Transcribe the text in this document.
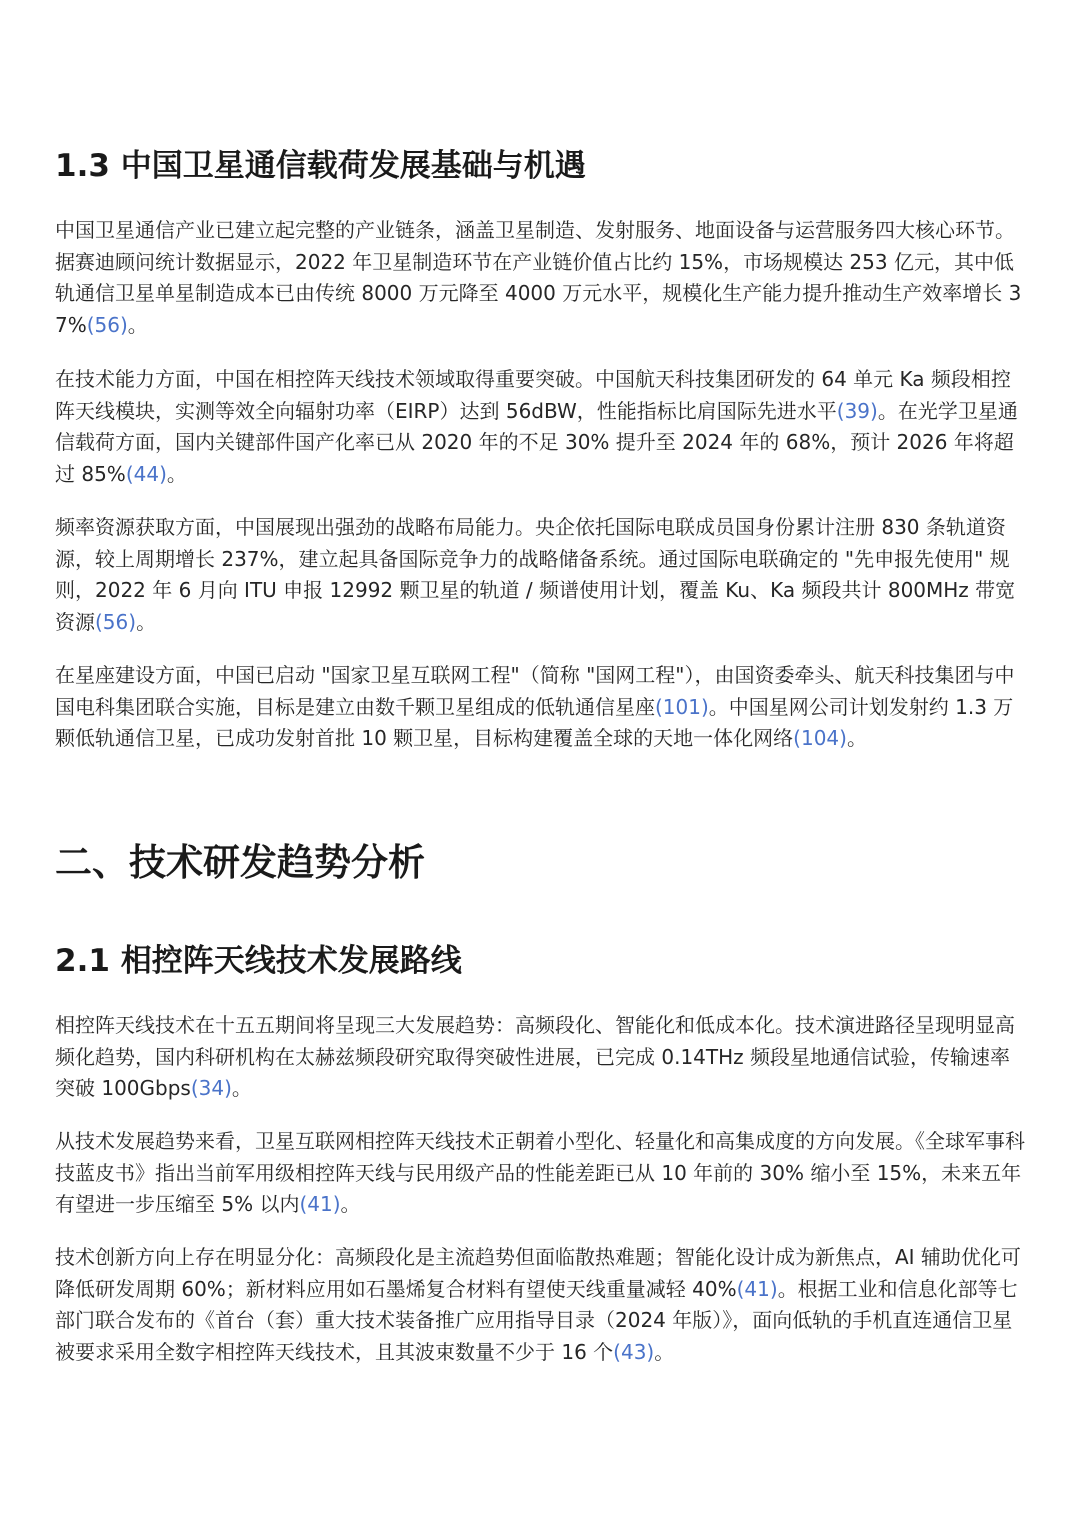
1.3 中国卫星通信载荷发展基础与机遇

中国卫星通信产业已建立起完整的产业链条，涵盖卫星制造、发射服务、地面设备与运营服务四大核心环节。据赛迪顾问统计数据显示，2022 年卫星制造环节在产业链价值占比约 15%，市场规模达 253 亿元，其中低轨通信卫星单星制造成本已由传统 8000 万元降至 4000 万元水平，规模化生产能力提升推动生产效率增长 37%(56)。

在技术能力方面，中国在相控阵天线技术领域取得重要突破。中国航天科技集团研发的 64 单元 Ka 频段相控阵天线模块，实测等效全向辐射功率（EIRP）达到 56dBW，性能指标比肩国际先进水平(39)。在光学卫星通信载荷方面，国内关键部件国产化率已从 2020 年的不足 30% 提升至 2024 年的 68%，预计 2026 年将超过 85%(44)。

频率资源获取方面，中国展现出强劲的战略布局能力。央企依托国际电联成员国身份累计注册 830 条轨道资源，较上周期增长 237%，建立起具备国际竞争力的战略储备系统。通过国际电联确定的 "先申报先使用" 规则，2022 年 6 月向 ITU 申报 12992 颗卫星的轨道 / 频谱使用计划，覆盖 Ku、Ka 频段共计 800MHz 带宽资源(56)。

在星座建设方面，中国已启动 "国家卫星互联网工程"（简称 "国网工程"），由国资委牵头、航天科技集团与中国电科集团联合实施，目标是建立由数千颗卫星组成的低轨通信星座(101)。中国星网公司计划发射约 1.3 万颗低轨通信卫星，已成功发射首批 10 颗卫星，目标构建覆盖全球的天地一体化网络(104)。

二、技术研发趋势分析
2.1 相控阵天线技术发展路线

相控阵天线技术在十五五期间将呈现三大发展趋势：高频段化、智能化和低成本化。技术演进路径呈现明显高频化趋势，国内科研机构在太赫兹频段研究取得突破性进展，已完成 0.14THz 频段星地通信试验，传输速率突破 100Gbps(34)。

从技术发展趋势来看，卫星互联网相控阵天线技术正朝着小型化、轻量化和高集成度的方向发展。《全球军事科技蓝皮书》指出当前军用级相控阵天线与民用级产品的性能差距已从 10 年前的 30% 缩小至 15%，未来五年有望进一步压缩至 5% 以内(41)。

技术创新方向上存在明显分化：高频段化是主流趋势但面临散热难题；智能化设计成为新焦点，AI 辅助优化可降低研发周期 60%；新材料应用如石墨烯复合材料有望使天线重量减轻 40%(41)。根据工业和信息化部等七部门联合发布的《首台（套）重大技术装备推广应用指导目录（2024 年版）》，面向低轨的手机直连通信卫星被要求采用全数字相控阵天线技术，且其波束数量不少于 16 个(43)。
